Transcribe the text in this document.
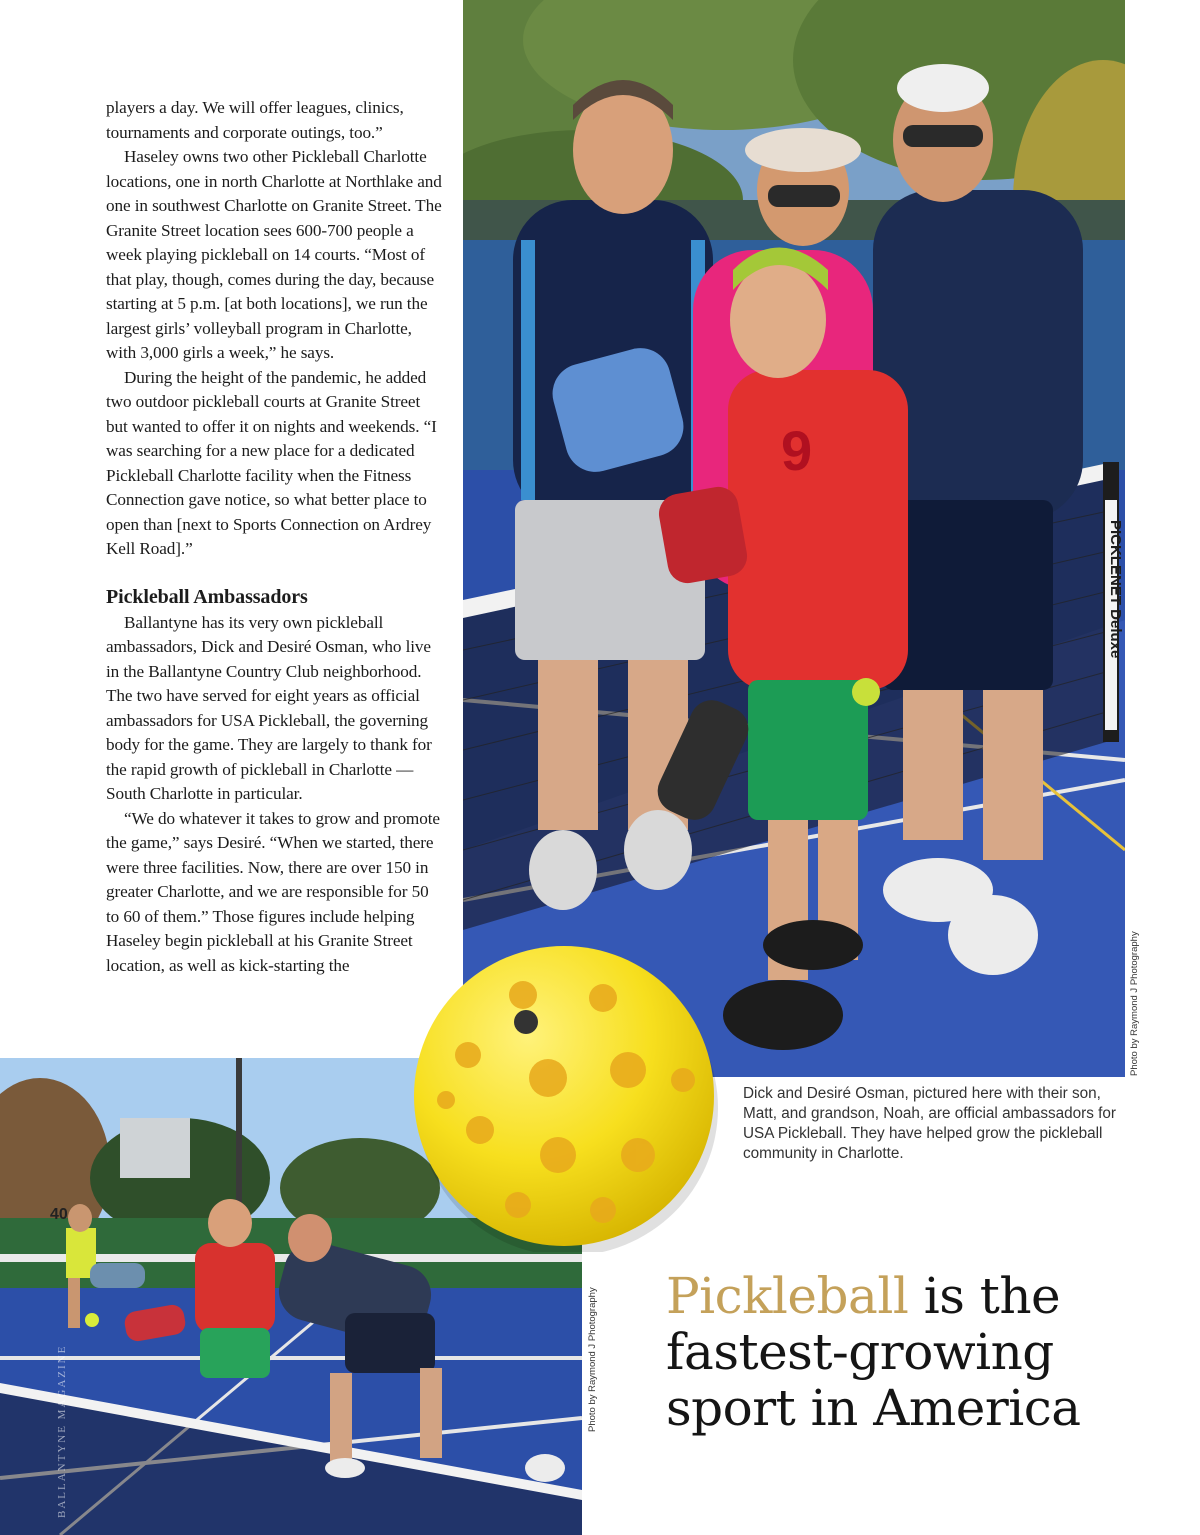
players a day. We will offer leagues, clinics, tournaments and corporate outings, too.”

Haseley owns two other Pickleball Charlotte locations, one in north Charlotte at Northlake and one in southwest Charlotte on Granite Street. The Granite Street location sees 600-700 people a week playing pickleball on 14 courts. “Most of that play, though, comes during the day, because starting at 5 p.m. [at both locations], we run the largest girls’ volleyball program in Charlotte, with 3,000 girls a week,” he says.

During the height of the pandemic, he added two outdoor pickleball courts at Granite Street but wanted to offer it on nights and weekends. “I was searching for a new place for a dedicated Pickleball Charlotte facility when the Fitness Connection gave notice, so what better place to open than [next to Sports Connection on Ardrey Kell Road].”

Pickleball Ambassadors

Ballantyne has its very own pickleball ambassadors, Dick and Desiré Osman, who live in the Ballantyne Country Club neighborhood. The two have served for eight years as official ambassadors for USA Pickleball, the governing body for the game. They are largely to thank for the rapid growth of pickleball in Charlotte — South Charlotte in particular.

“We do whatever it takes to grow and promote the game,” says Desiré. “When we started, there were three facilities. Now, there are over 150 in greater Charlotte, and we are responsible for 50 to 60 of them.” Those figures include helping Haseley begin pickleball at his Granite Street location, as well as kick-starting the

PICKLENET Deluxe
9
Photo by Raymond J Photography
Dick and Desiré Osman, pictured here with their son, Matt, and grandson, Noah, are official ambassadors for USA Pickleball. They have helped grow the pickleball community in Charlotte.
40
BALLANTYNE MAGAZINE	Photo by Raymond J Photography Pickleball is the
fastest-growing
sport in America
